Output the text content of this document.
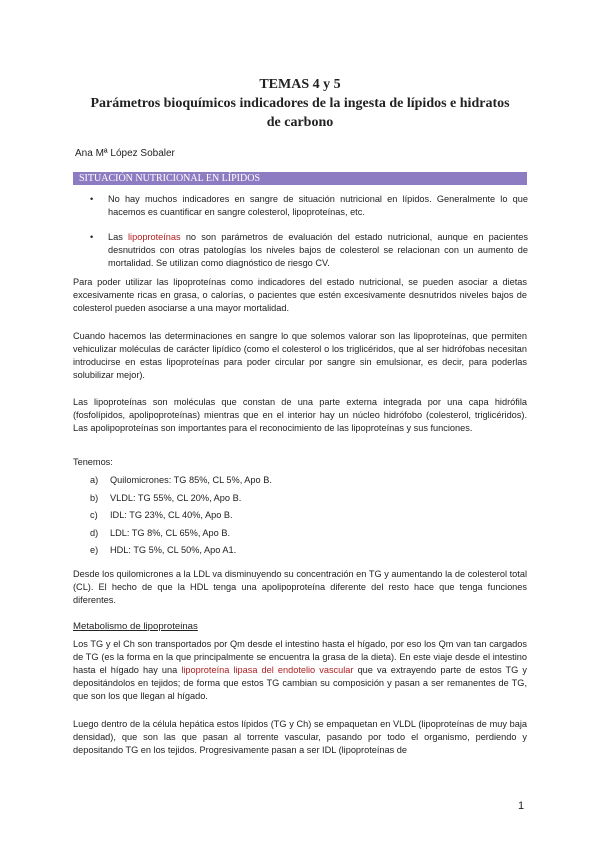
TEMAS 4 y 5
Parámetros bioquímicos indicadores de la ingesta de lípidos e hidratos
de carbono
Ana Mª López Sobaler
SITUACIÓN NUTRICIONAL EN LÍPIDOS
• No hay muchos indicadores en sangre de situación nutricional en lípidos. Generalmente lo que hacemos es cuantificar en sangre colesterol, lipoproteínas, etc.
• Las lipoproteínas no son parámetros de evaluación del estado nutricional, aunque en pacientes desnutridos con otras patologías los niveles bajos de colesterol se relacionan con un aumento de mortalidad. Se utilizan como diagnóstico de riesgo CV.

Para poder utilizar las lipoproteínas como indicadores del estado nutricional, se pueden asociar a dietas excesivamente ricas en grasa, o calorías, o pacientes que estén excesivamente desnutridos niveles bajos de colesterol pueden asociarse a una mayor mortalidad.

Cuando hacemos las determinaciones en sangre lo que solemos valorar son las lipoproteínas, que permiten vehiculizar moléculas de carácter lipídico (como el colesterol o los triglicéridos, que al ser hidrófobas necesitan introducirse en estas lipoproteínas para poder circular por sangre sin emulsionar, es decir, para poderlas solubilizar mejor).

Las lipoproteínas son moléculas que constan de una parte externa integrada por una capa hidrófila (fosfolípidos, apolipoproteínas) mientras que en el interior hay un núcleo hidrófobo (colesterol, triglicéridos). Las apolipoproteínas son importantes para el reconocimiento de las lipoproteínas y sus funciones.

Tenemos:

a)	Quilomicrones: TG 85%, CL 5%, Apo B.
b)	VLDL: TG 55%, CL 20%, Apo B.
c)	IDL: TG 23%, CL 40%, Apo B.
d)	LDL: TG 8%, CL 65%, Apo B.
e)	HDL: TG 5%, CL 50%, Apo A1.

Desde los quilomicrones a la LDL va disminuyendo su concentración en TG y aumentando la de colesterol total (CL). El hecho de que la HDL tenga una apolipoproteína diferente del resto hace que tenga funciones diferentes.

Metabolismo de lipoproteinas

Los TG y el Ch son transportados por Qm desde el intestino hasta el hígado, por eso los Qm van tan cargados de TG (es la forma en la que principalmente se encuentra la grasa de la dieta). En este viaje desde el intestino hasta el hígado hay una lipoproteína lipasa del endotelio vascular que va extrayendo parte de estos TG y depositándolos en tejidos; de forma que estos TG cambian su composición y pasan a ser remanentes de TG, que son los que llegan al hígado.

Luego dentro de la célula hepática estos lípidos (TG y Ch) se empaquetan en VLDL (lipoproteínas de muy baja densidad), que son las que pasan al torrente vascular, pasando por todo el organismo, perdiendo y depositando TG en los tejidos. Progresivamente pasan a ser IDL (lipoproteínas de

1
